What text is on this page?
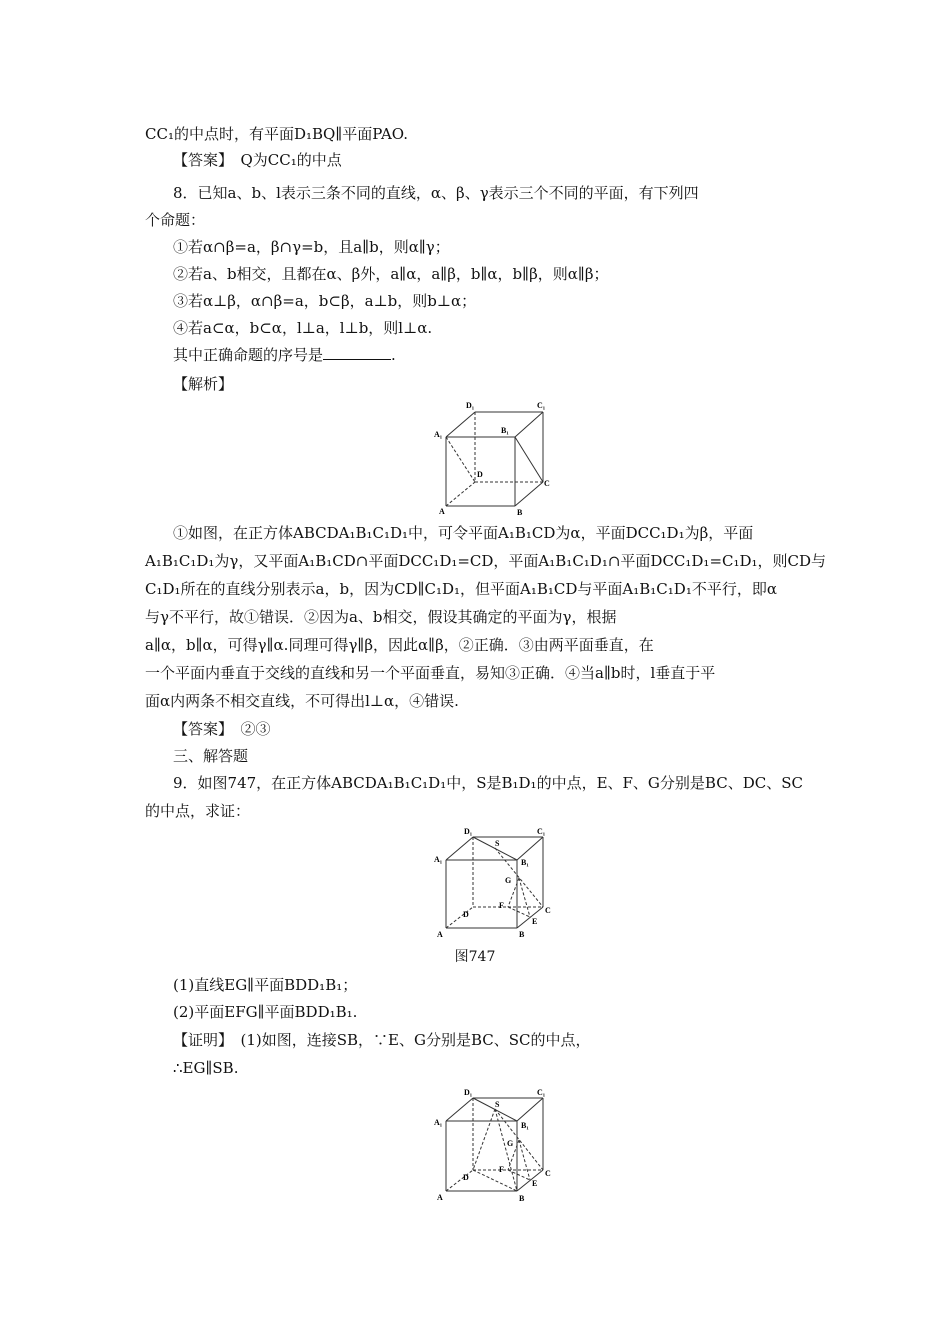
CC₁的中点时，有平面D₁BQ∥平面PAO.
【答案】　Q为CC₁的中点
8．已知a、b、l表示三条不同的直线，α、β、γ表示三个不同的平面，有下列四
个命题：
①若α∩β=a，β∩γ=b，且a∥b，则α∥γ；
②若a、b相交，且都在α、β外，a∥α，a∥β，b∥α，b∥β，则α∥β；
③若α⊥β，α∩β=a，b⊂β，a⊥b，则b⊥α；
④若a⊂α，b⊂α，l⊥a，l⊥b，则l⊥α.
其中正确命题的序号是	.
【解析】
D₁	C₁
A₁	B₁
D
C
A	B
①如图，在正方体ABCDA₁B₁C₁D₁中，可令平面A₁B₁CD为α，平面DCC₁D₁为β，平面
A₁B₁C₁D₁为γ，又平面A₁B₁CD∩平面DCC₁D₁=CD，平面A₁B₁C₁D₁∩平面DCC₁D₁=C₁D₁，则CD与
C₁D₁所在的直线分别表示a，b，因为CD∥C₁D₁，但平面A₁B₁CD与平面A₁B₁C₁D₁不平行，即α
与γ不平行，故①错误．②因为a、b相交，假设其确定的平面为γ，根据
a∥α，b∥α，可得γ∥α.同理可得γ∥β，因此α∥β，②正确．③由两平面垂直，在
一个平面内垂直于交线的直线和另一个平面垂直，易知③正确．④当a∥b时，l垂直于平
面α内两条不相交直线，不可得出l⊥α，④错误.
【答案】　②③
三、解答题
9．如图747，在正方体ABCDA₁B₁C₁D₁中，S是B₁D₁的中点，E、F、G分别是BC、DC、SC
的中点，求证：
D₁	C₁
A₁	B₁
S
G
F
E
C
D
A	B
图747
(1)直线EG∥平面BDD₁B₁；
(2)平面EFG∥平面BDD₁B₁.
【证明】　(1)如图，连接SB，∵E、G分别是BC、SC的中点，
∴EG∥SB.
D₁	C₁
A₁	B₁
S
G
F
E
C
D
A	B
